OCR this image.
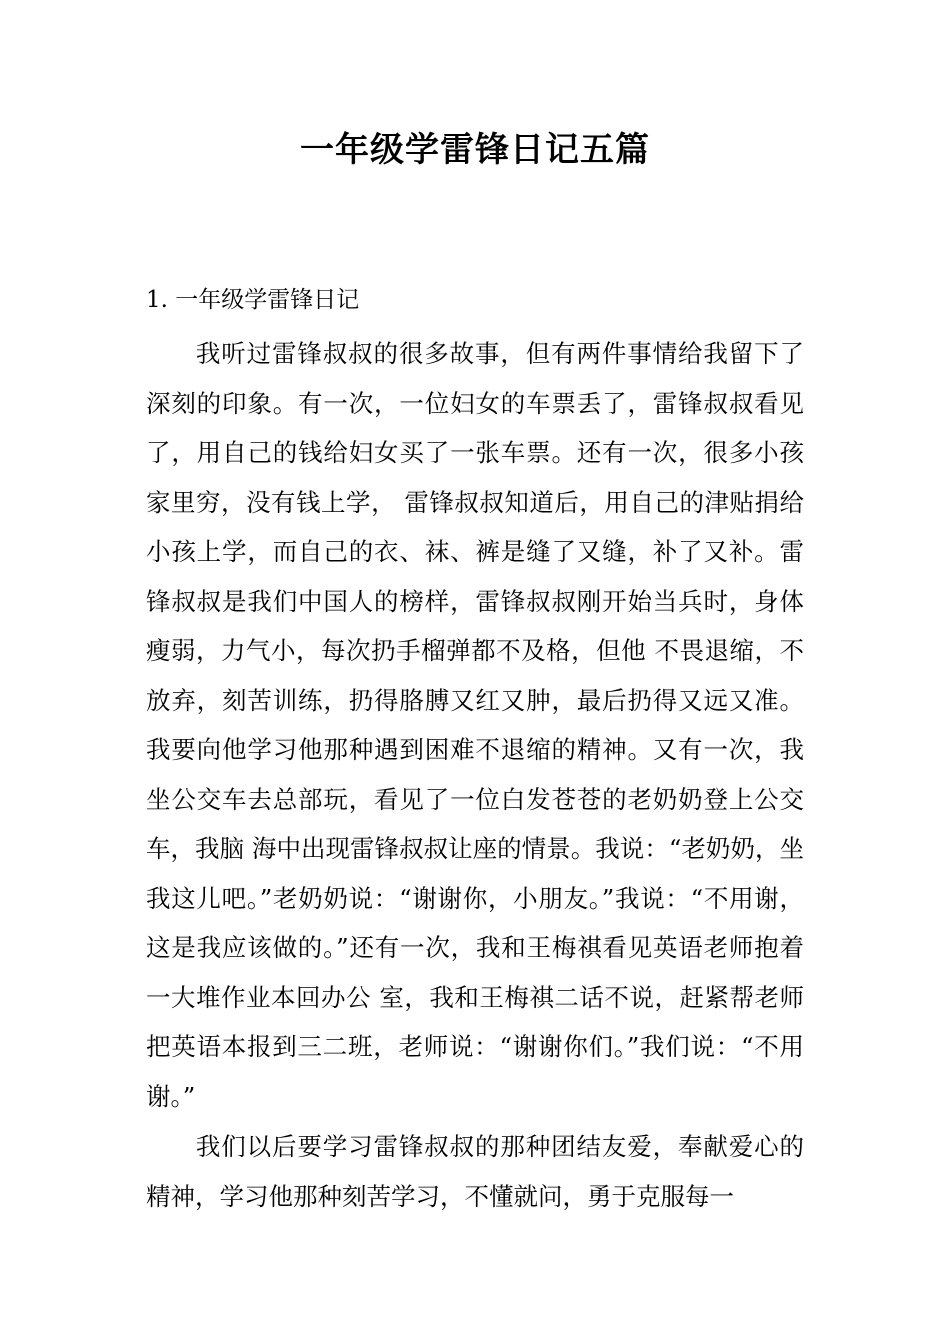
一年级学雷锋日记五篇
1. 一年级学雷锋日记

我听过雷锋叔叔的很多故事，但有两件事情给我留下了深刻的印象。有一次，一位妇女的车票丢了，雷锋叔叔看见了，用自己的钱给妇女买了一张车票。还有一次，很多小孩家里穷，没有钱上学， 雷锋叔叔知道后，用自己的津贴捐给小孩上学，而自己的衣、袜、裤是缝了又缝，补了又补。雷锋叔叔是我们中国人的榜样，雷锋叔叔刚开始当兵时，身体瘦弱，力气小，每次扔手榴弹都不及格，但他 不畏退缩，不放弃，刻苦训练，扔得胳膊又红又肿，最后扔得又远又准。我要向他学习他那种遇到困难不退缩的精神。又有一次，我坐公交车去总部玩，看见了一位白发苍苍的老奶奶登上公交车，我脑 海中出现雷锋叔叔让座的情景。我说：“老奶奶，坐我这儿吧。”老奶奶说：“谢谢你，小朋友。”我说：“不用谢，这是我应该做的。”还有一次，我和王梅祺看见英语老师抱着一大堆作业本回办公 室，我和王梅祺二话不说，赶紧帮老师把英语本报到三二班，老师说：“谢谢你们。”我们说：“不用谢。”

我们以后要学习雷锋叔叔的那种团结友爱，奉献爱心的精神，学习他那种刻苦学习，不懂就问，勇于克服每一
